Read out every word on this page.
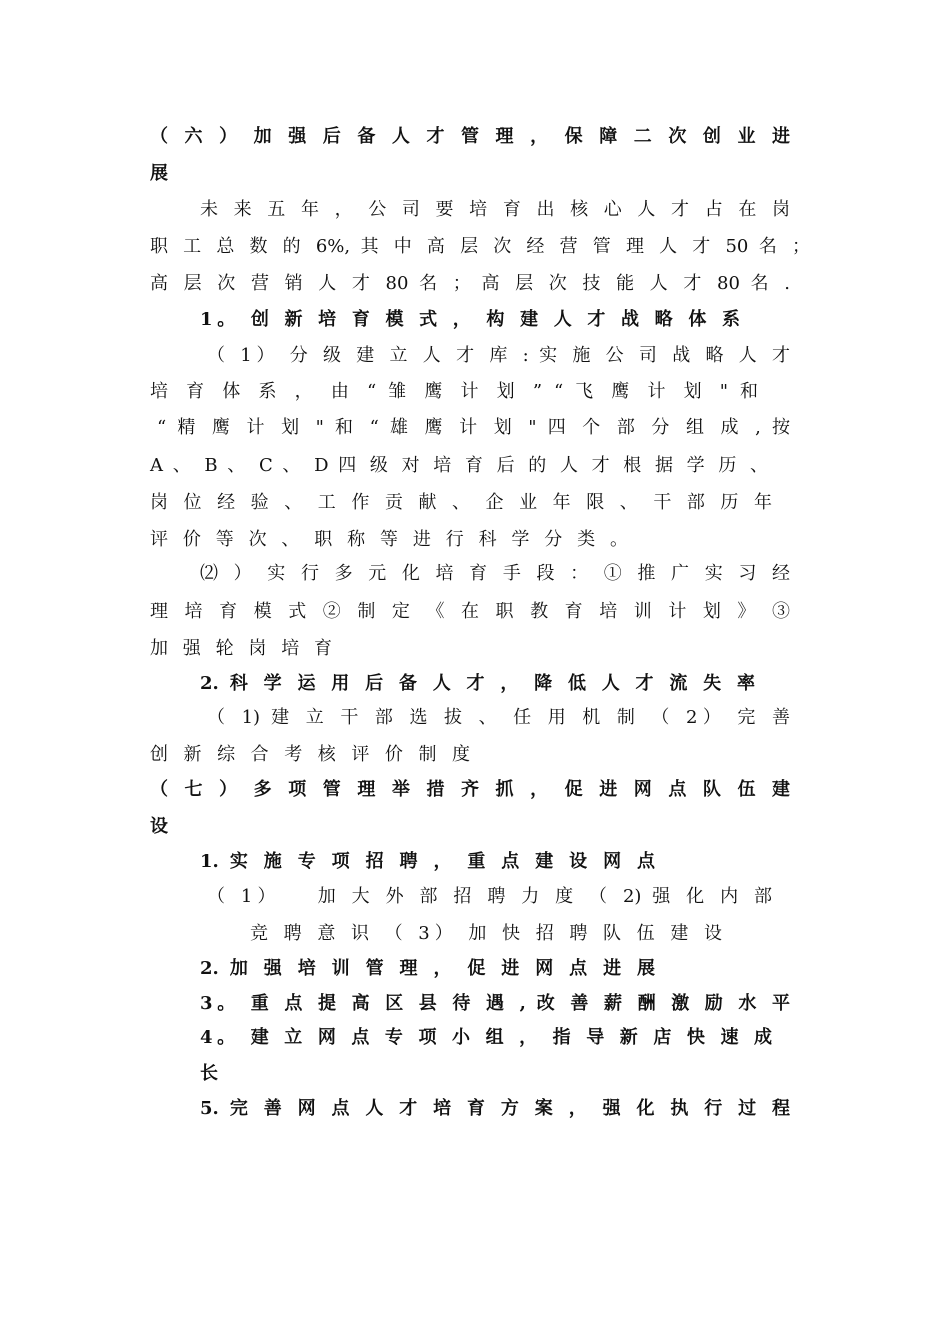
（ 六 ） 加 强 后 备 人 才 管 理 ， 保 障 二 次 创 业 进

展

未 来 五 年 ， 公 司 要 培 育 出 核 心 人 才 占 在 岗

职 工 总 数 的 6%, 其 中 高 层 次 经 营 管 理 人 才 50 名 ；

高 层 次 营 销 人 才 80 名 ； 高 层 次 技 能 人 才 80 名 .

1。 创 新 培 育 模 式 ， 构 建 人 才 战 略 体 系

（ 1） 分 级 建 立 人 才 库 : 实 施 公 司 战 略 人 才

培 育 体 系 ， 由 “ 雏 鹰 计 划 ” “ 飞 鹰 计 划 " 和

“ 精 鹰 计 划 " 和 “ 雄 鹰 计 划 " 四 个 部 分 组 成 , 按

A 、 B 、 C 、 D 四 级 对 培 育 后 的 人 才 根 据 学 历 、

岗 位 经 验 、 工 作 贡 献 、 企 业 年 限 、 干 部 历 年

评 价 等 次 、 职 称 等 进 行 科 学 分 类 。

⑵ ） 实 行 多 元 化 培 育 手 段 ： ① 推 广 实 习 经

理 培 育 模 式 ② 制 定 《 在 职 教 育 培 训 计 划 》 ③

加 强 轮 岗 培 育

2. 科 学 运 用 后 备 人 才 ， 降 低 人 才 流 失 率

（ 1) 建 立 干 部 选 拔 、 任 用 机 制 （ 2） 完 善

创 新 综 合 考 核 评 价 制 度

（ 七 ） 多 项 管 理 举 措 齐 抓 ， 促 进 网 点 队 伍 建

设

1. 实 施 专 项 招 聘 ， 重 点 建 设 网 点

（ 1）　　加 大 外 部 招 聘 力 度 （ 2) 强 化 内 部

竞 聘 意 识 （ 3） 加 快 招 聘 队 伍 建 设

2. 加 强 培 训 管 理 ， 促 进 网 点 进 展

3。 重 点 提 高 区 县 待 遇 , 改 善 薪 酬 激 励 水 平

4。 建 立 网 点 专 项 小 组 ， 指 导 新 店 快 速 成

长

5. 完 善 网 点 人 才 培 育 方 案 ， 强 化 执 行 过 程
